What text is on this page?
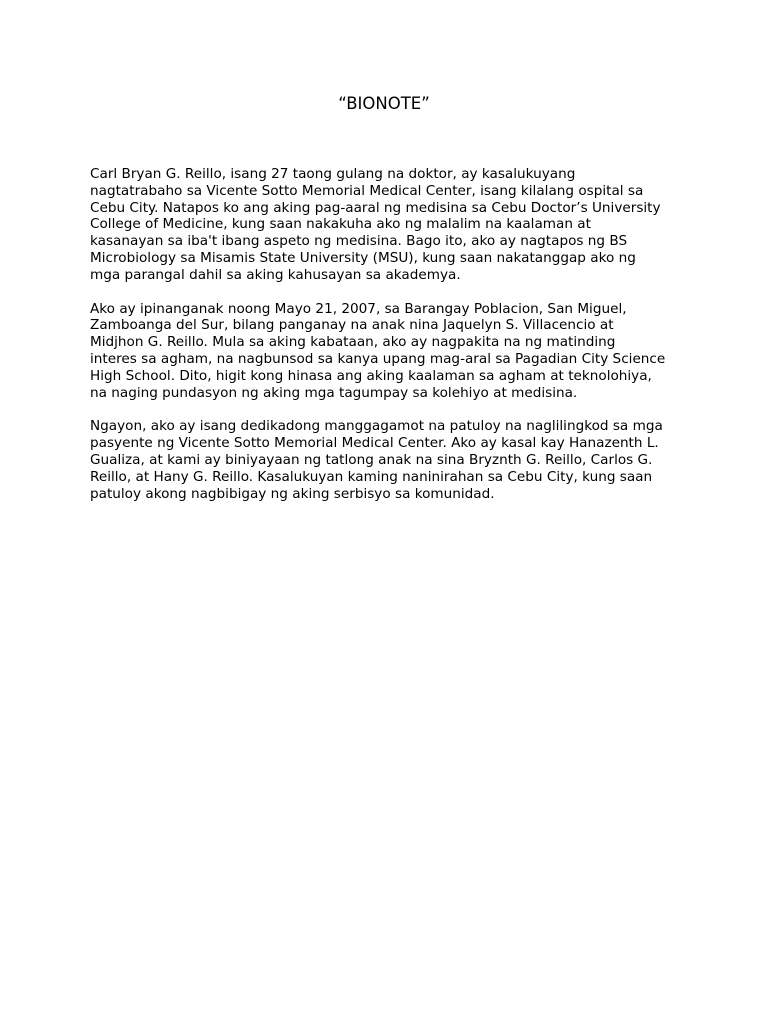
“BIONOTE”

Carl Bryan G. Reillo, isang 27 taong gulang na doktor, ay kasalukuyang
nagtatrabaho sa Vicente Sotto Memorial Medical Center, isang kilalang ospital sa
Cebu City. Natapos ko ang aking pag-aaral ng medisina sa Cebu Doctor’s University
College of Medicine, kung saan nakakuha ako ng malalim na kaalaman at
kasanayan sa iba't ibang aspeto ng medisina. Bago ito, ako ay nagtapos ng BS
Microbiology sa Misamis State University (MSU), kung saan nakatanggap ako ng
mga parangal dahil sa aking kahusayan sa akademya.

Ako ay ipinanganak noong Mayo 21, 2007, sa Barangay Poblacion, San Miguel,
Zamboanga del Sur, bilang panganay na anak nina Jaquelyn S. Villacencio at
Midjhon G. Reillo. Mula sa aking kabataan, ako ay nagpakita na ng matinding
interes sa agham, na nagbunsod sa kanya upang mag-aral sa Pagadian City Science
High School. Dito, higit kong hinasa ang aking kaalaman sa agham at teknolohiya,
na naging pundasyon ng aking mga tagumpay sa kolehiyo at medisina.

Ngayon, ako ay isang dedikadong manggagamot na patuloy na naglilingkod sa mga
pasyente ng Vicente Sotto Memorial Medical Center. Ako ay kasal kay Hanazenth L.
Gualiza, at kami ay biniyayaan ng tatlong anak na sina Bryznth G. Reillo, Carlos G.
Reillo, at Hany G. Reillo. Kasalukuyan kaming naninirahan sa Cebu City, kung saan
patuloy akong nagbibigay ng aking serbisyo sa komunidad.
